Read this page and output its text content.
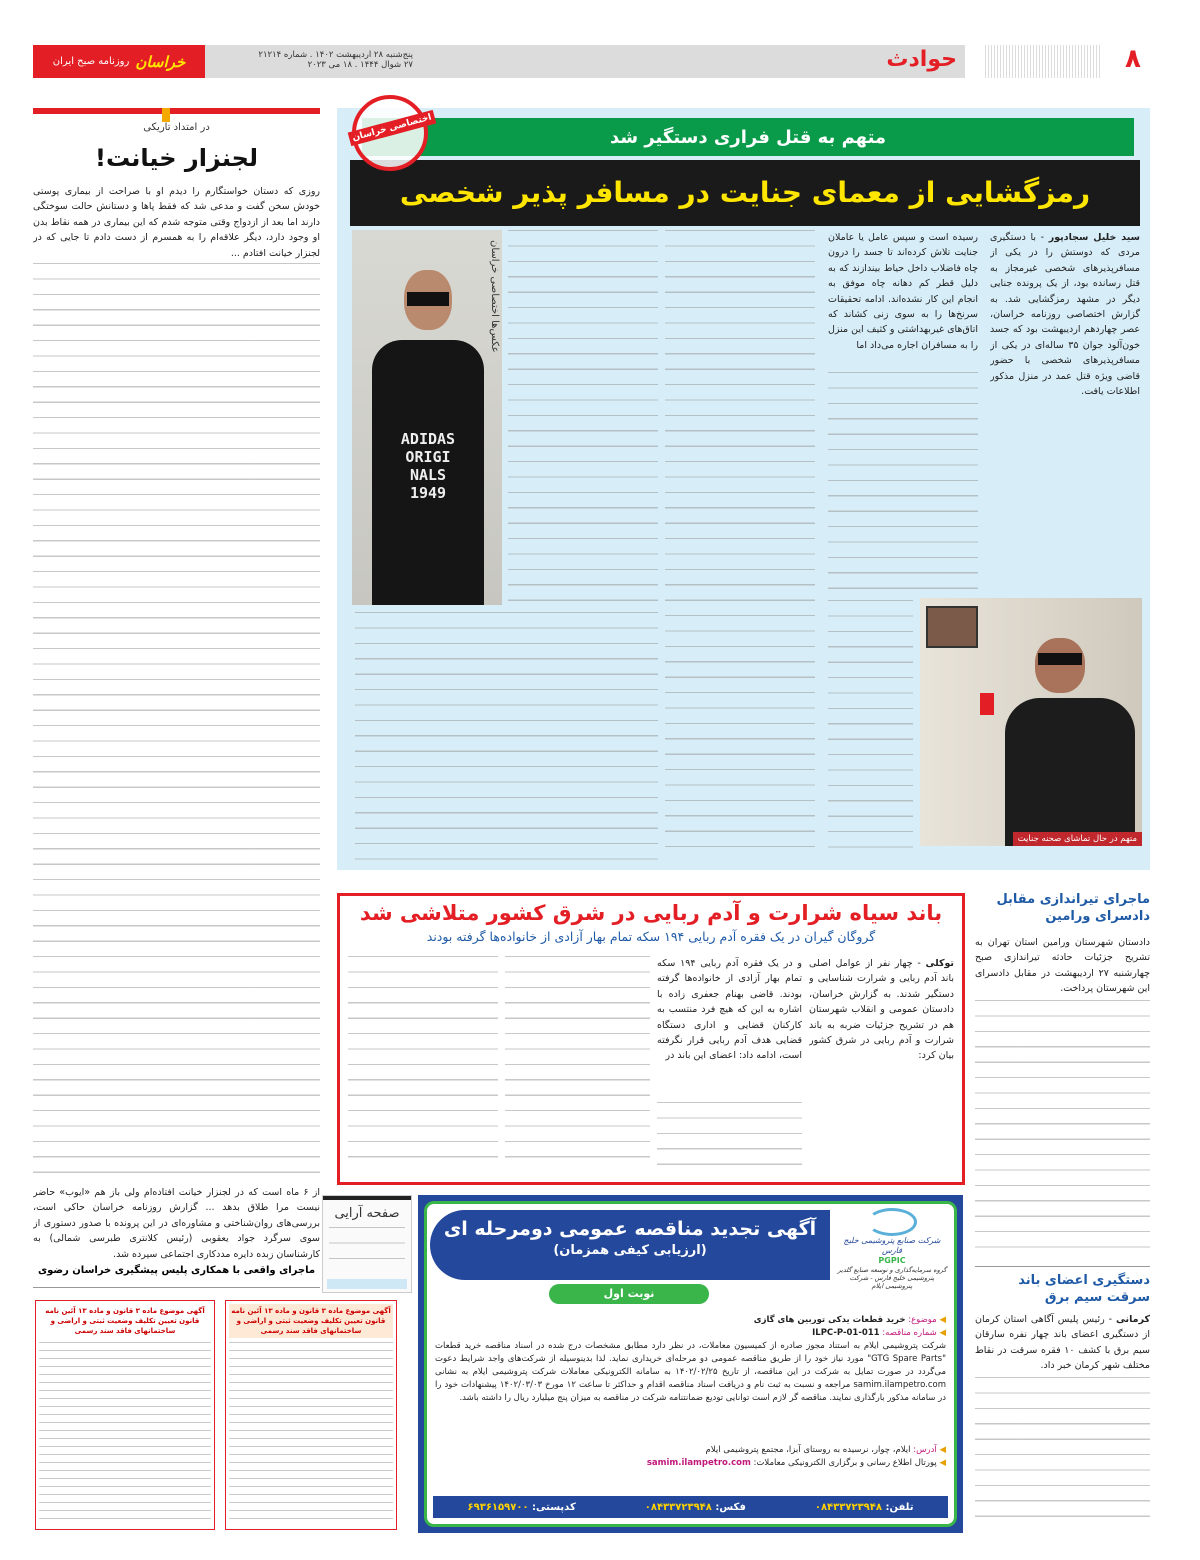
خراسان
روزنامه صبح ایران
پنج‌شنبه ۲۸ اردیبهشت ۱۴۰۲ . شماره ۲۱۲۱۴
۲۷ شوال ۱۴۴۴ . ۱۸ می ۲۰۲۳	حوادث	۸
در امتداد تاریکی
لجنزار خیانت!
روزی که دستان خواستگارم را دیدم او با صراحت از بیماری پوستی خودش سخن گفت و مدعی شد که فقط پاها و دستانش حالت سوختگی دارند اما بعد از ازدواج وقتی متوجه شدم که این بیماری در همه نقاط بدن او وجود دارد، دیگر علاقه‌ام را به همسرم از دست دادم تا جایی که در لجنزار خیانت افتادم ...
از ۶ ماه است که در لجنزار خیانت افتاده‌ام ولی باز هم «ایوب» حاضر نیست مرا طلاق بدهد ... گزارش روزنامه خراسان حاکی است، بررسی‌های روان‌شناختی و مشاوره‌ای در این پرونده با صدور دستوری از سوی سرگرد جواد یعقوبی (رئیس کلانتری طبرسی شمالی) به کارشناسان زبده دایره مددکاری اجتماعی سپرده شد.
ماجرای واقعی با همکاری پلیس پیشگیری خراسان رضوی
صفحه آرایی
آگهی موضوع ماده ۳ قانون و ماده ۱۳ آئین نامه قانون تعیین تکلیف وضعیت ثبتی و اراضی و ساختمانهای فاقد سند رسمی
آگهی موضوع ماده ۳ قانون و ماده ۱۳ آئین نامه قانون تعیین تکلیف وضعیت ثبتی و اراضی و ساختمانهای فاقد سند رسمی
متهم به قتل فراری دستگیر شد
رمزگشایی از معمای جنایت در مسافر پذیر شخصی
اختصاصی خراسان
سید خلیل سجادپور - با دستگیری مردی که دوستش را در یکی از مسافرپذیرهای شخصی غیرمجاز به قتل رسانده بود، از یک پرونده جنایی دیگر در مشهد رمزگشایی شد. به گزارش اختصاصی روزنامه خراسان، عصر چهاردهم اردیبهشت بود که جسد خون‌آلود جوان ۳۵ ساله‌ای در یکی از مسافرپذیرهای شخصی با حضور قاضی ویژه قتل عمد در منزل مذکور اطلاعات یافت.
رسیده است و سپس عامل یا عاملان جنایت تلاش کرده‌اند تا جسد را درون چاه فاضلاب داخل حیاط بیندازند که به دلیل قطر کم دهانه چاه موفق به انجام این کار نشده‌اند. ادامه تحقیقات سرنخ‌ها را به سوی زنی کشاند که اتاق‌های غیربهداشتی و کثیف این منزل را به مسافران اجاره می‌داد اما
ADIDAS
ORIGI
NALS
1949
عکس‌ها اختصاصی خراسان
متهم در حال تماشای صحنه جنایت
باند سیاه شرارت و آدم ربایی در شرق کشور متلاشی شد
گروگان گیران در یک فقره آدم ربایی ۱۹۴ سکه تمام بهار آزادی از خانواده‌ها گرفته بودند
توکلی - چهار نفر از عوامل اصلی باند آدم ربایی و شرارت شناسایی و دستگیر شدند. به گزارش خراسان، دادستان عمومی و انقلاب شهرستان هم در تشریح جزئیات ضربه به باند شرارت و آدم ربایی در شرق کشور بیان کرد:
و در یک فقره آدم ربایی ۱۹۴ سکه تمام بهار آزادی از خانواده‌ها گرفته بودند. قاضی بهنام جعفری زاده با اشاره به این که هیچ فرد منتسب به کارکنان قضایی و اداری دستگاه قضایی هدف آدم ربایی قرار نگرفته است، ادامه داد: اعضای این باند در
ماجرای تیراندازی مقابل دادسرای ورامین
دادستان شهرستان ورامین استان تهران به تشریح جزئیات حادثه تیراندازی صبح چهارشنبه ۲۷ اردیبهشت در مقابل دادسرای این شهرستان پرداخت.
دستگیری اعضای باند سرقت سیم برق
کرمانی - رئیس پلیس آگاهی استان کرمان از دستگیری اعضای باند چهار نفره سارقان سیم برق با کشف ۱۰ فقره سرقت در نقاط مختلف شهر کرمان خبر داد.
شرکت صنایع پتروشیمی خلیج فارس
PGPIC
گروه سرمایه‌گذاری و توسعه صنایع گلدیر پتروشیمی خلیج فارس - شرکت پتروشیمی ایلام
آگهی تجدید مناقصه عمومی دومرحله ای
(ارزیابی کیفی همزمان)
نوبت اول
◀ موضوع: خرید قطعات یدکی توربین های گازی
◀ شماره مناقصه: ILPC-P-01-011
شرکت پتروشیمی ایلام به استناد مجوز صادره از کمیسیون معاملات، در نظر دارد مطابق مشخصات درج شده در اسناد مناقصه خرید قطعات "GTG Spare Parts" مورد نیاز خود را از طریق مناقصه عمومی دو مرحله‌ای خریداری نماید. لذا بدینوسیله از شرکت‌های واجد شرایط دعوت می‌گردد در صورت تمایل به شرکت در این مناقصه، از تاریخ ۱۴۰۲/۰۲/۲۵ به سامانه الکترونیکی معاملات شرکت پتروشیمی ایلام به نشانی samim.ilampetro.com مراجعه و نسبت به ثبت نام و دریافت اسناد مناقصه اقدام و حداکثر تا ساعت ۱۲ مورخ ۱۴۰۲/۰۳/۰۳ پیشنهادات خود را در سامانه مذکور بارگذاری نمایند. مناقصه گر لازم است توانایی تودیع ضمانتنامه شرکت در مناقصه به میزان پنج میلیارد ریال را داشته باشد.
◀ آدرس: ایلام، چوار، نرسیده به روستای آبزا، مجتمع پتروشیمی ایلام
◀ پورتال اطلاع رسانی و برگزاری الکترونیکی معاملات: samim.ilampetro.com
تلفن: ۰۸۴۳۳۷۲۳۹۴۸
فکس: ۰۸۴۳۳۷۲۳۹۴۸
کدپستی: ۶۹۳۶۱۵۹۷۰۰
